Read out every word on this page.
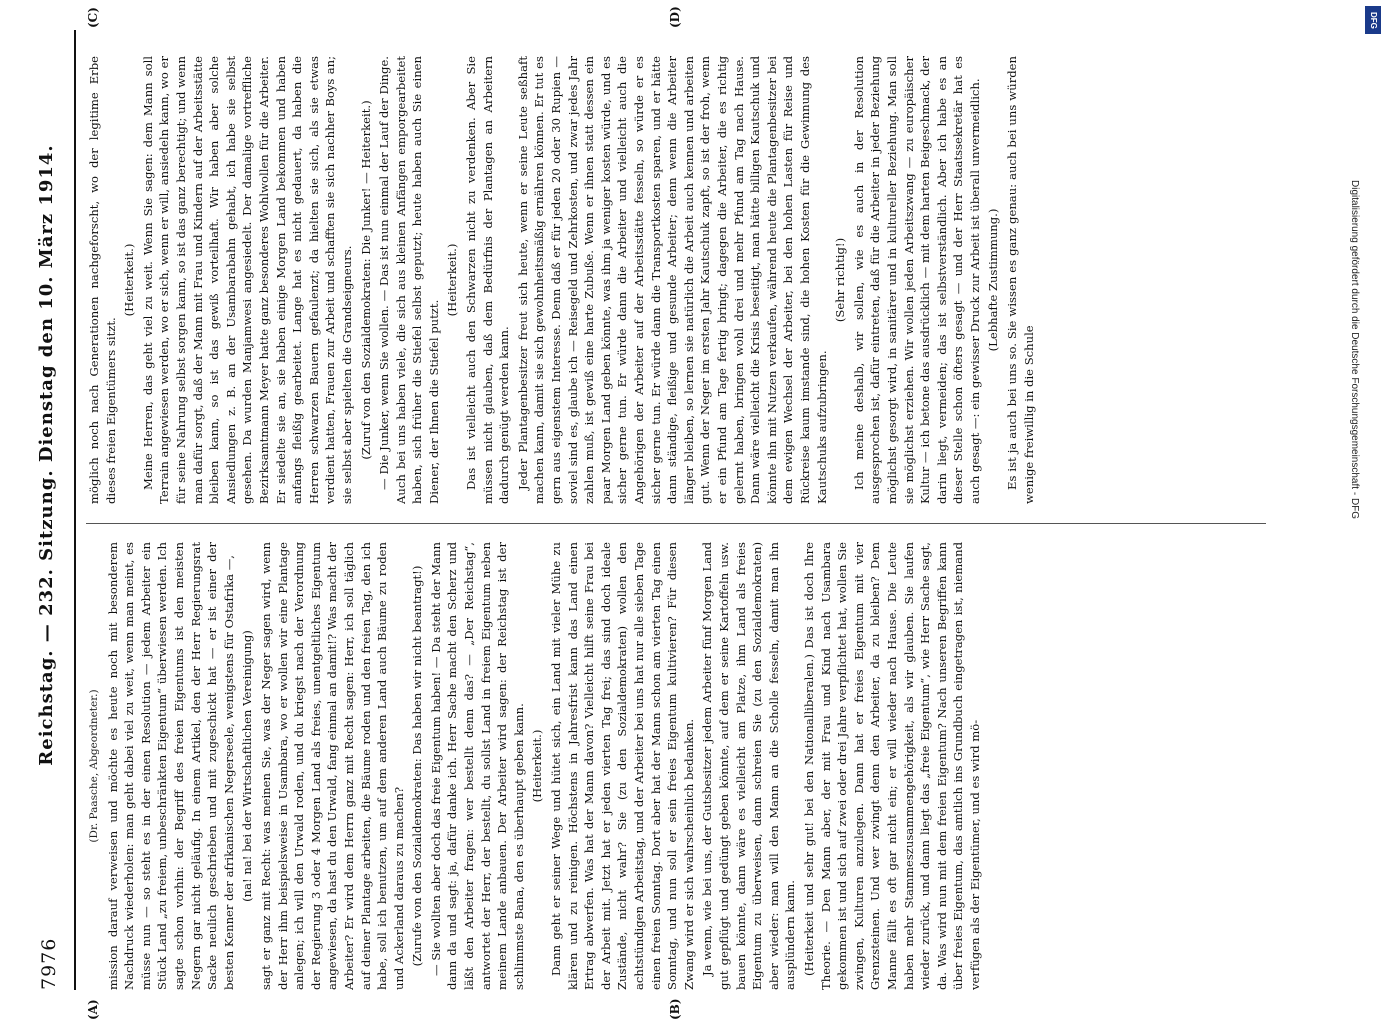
7976
Reichstag. — 232. Sitzung. Dienstag den 10. März 1914.
(A)	(B)
(C)	(D)

(Dr. Paasche, Abgeordneter.) mission darauf verweisen und möchte es heute noch mit besonderem Nachdruck wiederholen: man geht dabei viel zu weit, wenn man meint, es müsse nun — so steht es in der einen Resolution — jedem Arbeiter ein Stück Land „zu freiem, unbeschränkten Eigentum“ überwiesen werden. Ich sagte schon vorhin: der Begriff des freien Eigentums ist den meisten Negern gar nicht geläufig. In einem Artikel, den der Herr Regierungsrat Sacke neulich geschrieben und mit zugeschickt hat — er ist einer der besten Kenner der afrikanischen Negerseele, wenigstens für Ostafrika —, (na! na! bei der Wirtschaftlichen Vereinigung) sagt er ganz mit Recht: was meinen Sie, was der Neger sagen wird, wenn der Herr ihm beispielsweise in Usambara, wo er wollen wir eine Plantage anlegen; ich will den Urwald roden, und du kriegst nach der Verordnung der Regierung 3 oder 4 Morgen Land als freies, unentgeltliches Eigentum angewiesen, da hast du den Urwald, fang einmal an damit!? Was macht der Arbeiter? Er wird dem Herrn ganz mit Recht sagen: Herr, ich soll täglich auf deiner Plantage arbeiten, die Bäume roden und den freien Tag, den ich habe, soll ich benutzen, um auf dem anderen Land auch Bäume zu roden und Ackerland daraus zu machen? (Zurufe von den Sozialdemokraten: Das haben wir nicht beantragt!) — Sie wollten aber doch das freie Eigentum haben! — Da steht der Mann dann da und sagt: ja, dafür danke ich. Herr Sache macht den Scherz und läßt den Arbeiter fragen: wer bestellt denn das? — „Der Reichstag“, antwortet der Herr, der bestellt, du sollst Land in freiem Eigentum neben meinem Lande anbauen. Der Arbeiter wird sagen: der Reichstag ist der schlimmste Bana, den es überhaupt geben kann. (Heiterkeit.) Dann geht er seiner Wege und hütet sich, ein Land mit vieler Mühe zu klären und zu reinigen. Höchstens in Jahresfrist kann das Land einen Ertrag abwerfen. Was hat der Mann davon? Vielleicht hilft seine Frau bei der Arbeit mit. Jetzt hat er jeden vierten Tag frei; das sind doch ideale Zustände, nicht wahr? Sie (zu den Sozialdemokraten) wollen den achtstündigen Arbeitstag, und der Arbeiter bei uns hat nur alle sieben Tage einen freien Sonntag. Dort aber hat der Mann schon am vierten Tag einen Sonntag, und nun soll er sein freies Eigentum kultivieren? Für diesen Zwang wird er sich wahrscheinlich bedanken. Ja wenn, wie bei uns, der Gutsbesitzer jedem Arbeiter fünf Morgen Land gut gepflügt und gedüngt geben könnte, auf dem er seine Kartoffeln usw. bauen könnte, dann wäre es vielleicht am Platze, ihm Land als freies Eigentum zu überweisen, dann schreien Sie (zu den Sozialdemokraten) aber wieder: man will den Mann an die Scholle fesseln, damit man ihn ausplündern kann. (Heiterkeit und sehr gut! bei den Nationalliberalen.) Das ist doch Ihre Theorie. — Den Mann aber, der mit Frau und Kind nach Usambara gekommen ist und sich auf zwei oder drei Jahre verpflichtet hat, wollen Sie zwingen, Kulturen anzulegen. Dann hat er freies Eigentum mit vier Grenzsteinen. Und wer zwingt denn den Arbeiter, da zu bleiben? Dem Manne fällt es oft gar nicht ein; er will wieder nach Hause. Die Leute haben mehr Stammeszusammengehörigkeit, als wir glauben. Sie laufen wieder zurück, und dann liegt das „freie Eigentum“, wie Herr Sache sagt, da. Was wird nun mit dem freien Eigentum? Nach unseren Begriffen kann über freies Eigentum, das amtlich ins Grundbuch eingetragen ist, niemand verfügen als der Eigentümer, und es wird mö-

möglich noch nach Generationen nachgeforscht, wo der legitime Erbe dieses freien Eigentümers sitzt.

(Heiterkeit.) Meine Herren, das geht viel zu weit. Wenn Sie sagen: dem Mann soll Terrain angewiesen werden, wo er sich, wenn er will, ansiedeln kann, wo er für seine Nahrung selbst sorgen kann, so ist das ganz berechtigt; und wenn man dafür sorgt, daß der Mann mit Frau und Kindern auf der Arbeitsstätte bleiben kann, so ist das gewiß vorteilhaft. Wir haben aber solche Ansiedlungen z. B. an der Usambarabahn gehabt, ich habe sie selbst gesehen. Da wurden Manjamwesi angesiedelt. Der damalige vortreffliche Bezirksamtmann Meyer hatte ganz besonderes Wohlwollen für die Arbeiter. Er siedelte sie an, sie haben einige Morgen Land bekommen und haben anfangs fleißig gearbeitet. Lange hat es nicht gedauert, da haben die Herren schwarzen Bauern gefaulenzt; da hielten sie sich, als sie etwas verdient hatten, Frauen zur Arbeit und schafften sie sich nachher Boys an; sie selbst aber spielten die Grandseigneurs. (Zuruf von den Sozialdemokraten: Die Junker! — Heiterkeit.) — Die Junker, wenn Sie wollen. — Das ist nun einmal der Lauf der Dinge. Auch bei uns haben viele, die sich aus kleinen Anfängen emporgearbeitet haben, sich früher die Stiefel selbst geputzt; heute haben auch Sie einen Diener, der Ihnen die Stiefel putzt.

(Heiterkeit.) Das ist vielleicht auch den Schwarzen nicht zu verdenken. Aber Sie müssen nicht glauben, daß dem Bedürfnis der Plantagen an Arbeitern dadurch genügt werden kann. Jeder Plantagenbesitzer freut sich heute, wenn er seine Leute seßhaft machen kann, damit sie sich gewohnheitsmäßig ernähren können. Er tut es gern aus eigenstem Interesse. Denn daß er für jeden 20 oder 30 Rupien — soviel sind es, glaube ich — Reisegeld und Zehrkosten, und zwar jedes Jahr zahlen muß, ist gewiß eine harte Zubuße. Wenn er ihnen statt dessen ein paar Morgen Land geben könnte, was ihm ja weniger kosten würde, und es sicher gerne tun. Er würde dann die Arbeiter und vielleicht auch die Angehörigen der Arbeiter auf der Arbeitsstätte fesseln, so würde er es sicher gerne tun. Er würde dann die Transportkosten sparen, und er hätte dann ständige, fleißige und gesunde Arbeiter; denn wenn die Arbeiter länger bleiben, so lernen sie natürlich die Arbeit auch kennen und arbeiten gut. Wenn der Neger im ersten Jahr Kautschuk zapft, so ist der froh, wenn er ein Pfund am Tage fertig bringt; dagegen die Arbeiter, die es richtig gelernt haben, bringen wohl drei und mehr Pfund am Tag nach Hause. Dann wäre vielleicht die Krisis beseitigt, man hätte billigen Kautschuk und könnte ihn mit Nutzen verkaufen, während heute die Plantagenbesitzer bei dem ewigen Wechsel der Arbeiter, bei den hohen Lasten für Reise und Rückreise kaum imstande sind, die hohen Kosten für die Gewinnung des Kautschuks aufzubringen.

(Sehr richtig!) Ich meine deshalb, wir sollen, wie es auch in der Resolution ausgesprochen ist, dafür eintreten, daß für die Arbeiter in jeder Beziehung möglichst gesorgt wird, in sanitärer und in kultureller Beziehung. Man soll sie möglichst erziehen. Wir wollen jeden Arbeitszwang — zu europäischer Kultur — ich betone das ausdrücklich — mit dem harten Beigeschmack, der darin liegt, vermeiden; das ist selbstverständlich. Aber ich habe es an dieser Stelle schon öfters gesagt — und der Herr Staatssekretär hat es auch gesagt —: ein gewisser Druck zur Arbeit ist überall unvermeidlich. (Lebhafte Zustimmung.) Es ist ja auch bei uns so. Sie wissen es ganz genau: auch bei uns würden wenige freiwillig in die Schule

DFG
Digitalisierung gefördert durch die Deutsche Forschungsgemeinschaft - DFG
